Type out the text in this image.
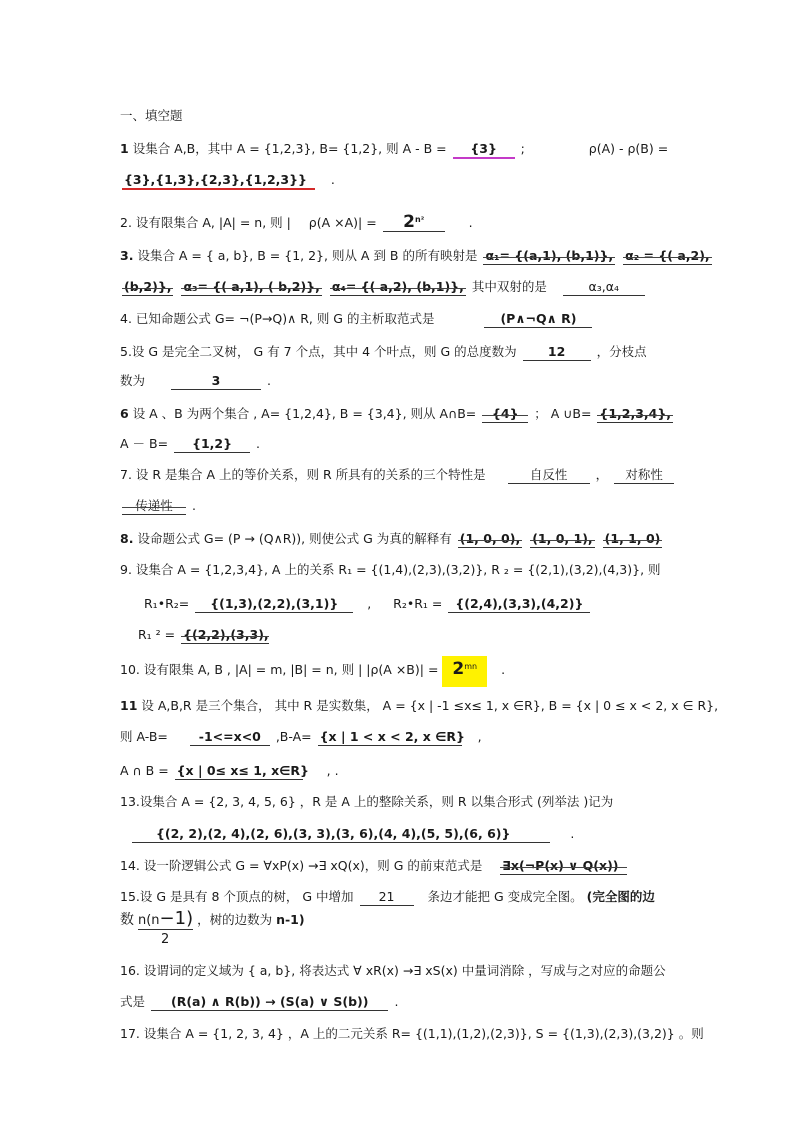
一、填空题
1 设集合 A,B，其中 A = {1,2,3}, B= {1,2}, 则 A - B = {3} ;	ρ(A) - ρ(B) =
{3},{1,3},{2,3},{1,2,3}} .
2. 设有限集合 A, |A| = n, 则 | $\rho(A \times A)| = 2^{n^2}$	.
3. 设集合 A = { a, b}, B = {1, 2}, 则从 A 到 B 的所有映射是 α₁= {(a,1), (b,1)}, α₂ = {( a,2),
(b,2)}, α₃= {( a,1), ( b,2)}, α₄= {( a,2), (b,1)}, 其中双射的是	α₃,α₄
4. 已知命题公式 G= ¬(P→Q)∧ R, 则 G 的主析取范式是	(P∧¬Q∧ R)
5.设 G 是完全二叉树， G 有 7 个点，其中 4 个叶点，则 G 的总度数为	12	，分枝点
数为	3	.
6 设 A 、B 为两个集合 , A= {1,2,4}, B = {3,4}, 则从 A∩B= {4} ； A ∪B= {1,2,3,4},
A － B= {1,2} .
7. 设 R 是集合 A 上的等价关系，则 R 所具有的关系的三个特性是	自反性 ， 对称性
传递性 .
8. 设命题公式 G= (P → (Q∧R)), 则使公式 G 为真的解释有 (1, 0, 0), (1, 0, 1), (1, 1, 0)
9. 设集合 A = {1,2,3,4}, A 上的关系 R₁ = {(1,4),(2,3),(3,2)}, R ₂ = {(2,1),(3,2),(4,3)}, 则
R₁•R₂= {(1,3),(2,2),(3,1)} , R₂•R₁ = {(2,4),(3,3),(4,2)}
R₁ ² = {(2,2),(3,3),
10. 设有限集 A, B , |A| = m, |B| = n, 则 | $|\rho(A \times B)| = 2^{mn}$ .
11 设 A,B,R 是三个集合， 其中 R 是实数集， A = {x | -1 ≤x≤ 1, x ∈R}, B = {x | 0 ≤ x < 2, x ∈ R},
则 A-B= -1<=x<0 ,B-A= {x | 1 < x < 2, x ∈R} ,
A ∩ B = {x | 0≤ x≤ 1, x∈R} , .
13.设集合 A = {2, 3, 4, 5, 6} ，R 是 A 上的整除关系，则 R 以集合形式 (列举法 )记为
{(2, 2),(2, 4),(2, 6),(3, 3),(3, 6),(4, 4),(5, 5),(6, 6)}	.
14. 设一阶逻辑公式 G = ∀xP(x) →∃ xQ(x)，则 G 的前束范式是 ∃x(¬P(x) ∨ Q(x))
15.设 G 是具有 8 个顶点的树， G 中增加 21	条边才能把 G 变成完全图。 (完全图的边
数 n(n−1) ，树的边数为 n-1)
2
16. 设谓词的定义域为 { a, b}, 将表达式 ∀ xR(x) →∃ xS(x) 中量词消除 ，写成与之对应的命题公
式是 (R(a) ∧ R(b)) → (S(a) ∨ S(b)) .
17. 设集合 A = {1, 2, 3, 4} ，A 上的二元关系 R= {(1,1),(1,2),(2,3)}, S = {(1,3),(2,3),(3,2)} 。则
